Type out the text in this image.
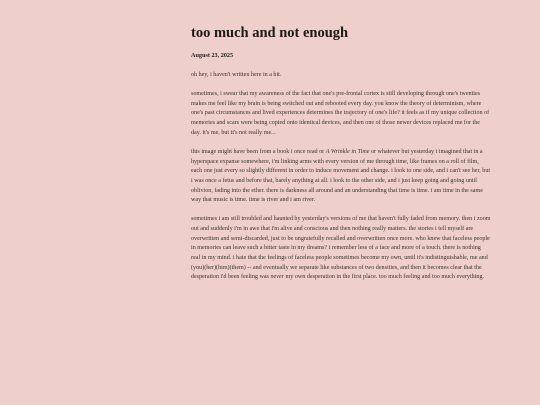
too much and not enough
August 23, 2025

oh hey, i haven't written here in a bit.

sometimes, i swear that my awareness of the fact that one's pre-frontal cortex is still developing through one's twenties makes me feel like my brain is being switched out and rebooted every day. you know the theory of determinism, where one's past circumstances and lived experiences determines the trajectory of one's life? it feels as if my unique collection of memories and scars were being copied onto identical devices, and then one of those newer devices replaced me for the day. it's me, but it's not really me...

this image might have been from a book i once read or A Wrinkle in Time or whatever but yesterday i imagined that in a hyperspace expanse somewhere, i'm linking arms with every version of me through time, like frames on a roll of film, each one just every so slightly different in order to induce movement and change. i look to one side, and i can't see her, but i was once a fetus and before that, barely anything at all. i look to the other side, and i just keep going and going until oblivion, fading into the ether. there is darkness all around and an understanding that time is time. i am time in the same way that music is time. time is river and i am river.

sometimes i am still troubled and haunted by yesterday's versions of me that haven't fully faded from memory. then i zoom out and suddenly i'm in awe that i'm alive and conscious and then nothing really matters. the stories i tell myself are overwritten and semi-discarded, just to be ungratefully recalled and overwritten once more. who knew that faceless people in memories can leave such a bitter taste in my dreams? i remember less of a face and more of a touch. there is nothing real in my mind. i hate that the feelings of faceless people sometimes become my own, until it's indistinguishable, me and (you)(her)(him)(them) -- and eventually we separate like substances of two densities, and then it becomes clear that the desperation i'd been feeling was never my own desperation in the first place. too much feeling and too much everything.
